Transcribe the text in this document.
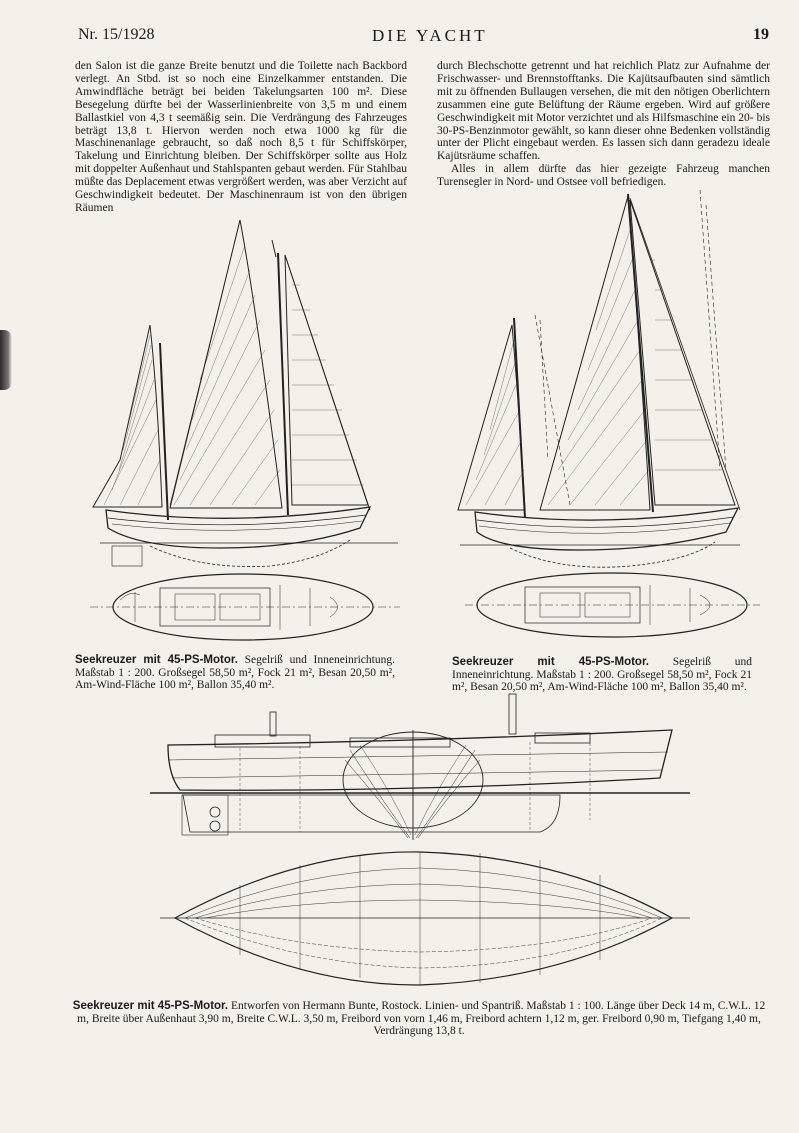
Nr. 15/1928	DIE YACHT	19

den Salon ist die ganze Breite benutzt und die Toilette nach Backbord verlegt. An Stbd. ist so noch eine Einzelkammer entstanden. Die Amwindfläche beträgt bei beiden Takelungsarten 100 m². Diese Besegelung dürfte bei der Wasserlinienbreite von 3,5 m und einem Ballastkiel von 4,3 t seemäßig sein. Die Verdrängung des Fahrzeuges beträgt 13,8 t. Hiervon werden noch etwa 1000 kg für die Maschinenanlage gebraucht, so daß noch 8,5 t für Schiffskörper, Takelung und Einrichtung bleiben. Der Schiffskörper sollte aus Holz mit doppelter Außenhaut und Stahlspanten gebaut werden. Für Stahlbau müßte das Deplacement etwas vergrößert werden, was aber Verzicht auf Geschwindigkeit bedeutet. Der Maschinenraum ist von den übrigen Räumen

durch Blechschotte getrennt und hat reichlich Platz zur Aufnahme der Frischwasser- und Brennstofftanks. Die Kajütsaufbauten sind sämtlich mit zu öffnenden Bullaugen versehen, die mit den nötigen Oberlichtern zusammen eine gute Belüftung der Räume ergeben. Wird auf größere Geschwindigkeit mit Motor verzichtet und als Hilfsmaschine ein 20- bis 30-PS-Benzinmotor gewählt, so kann dieser ohne Bedenken vollständig unter der Plicht eingebaut werden. Es lassen sich dann geradezu ideale Kajütsräume schaffen.

Alles in allem dürfte das hier gezeigte Fahrzeug manchen Turensegler in Nord- und Ostsee voll befriedigen.

Seekreuzer mit 45-PS-Motor. Segelriß und Inneneinrichtung. Maßstab 1 : 200. Großsegel 58,50 m², Fock 21 m², Besan 20,50 m², Am-Wind-Fläche 100 m², Ballon 35,40 m².
Seekreuzer mit 45-PS-Motor. Segelriß und Inneneinrichtung. Maßstab 1 : 200. Großsegel 58,50 m², Fock 21 m², Besan 20,50 m², Am-Wind-Fläche 100 m², Ballon 35,40 m².
Seekreuzer mit 45-PS-Motor. Entworfen von Hermann Bunte, Rostock. Linien- und Spantriß. Maßstab 1 : 100. Länge über Deck 14 m, C.W.L. 12 m, Breite über Außenhaut 3,90 m, Breite C.W.L. 3,50 m, Freibord von vorn 1,46 m, Freibord achtern 1,12 m, ger. Freibord 0,90 m, Tiefgang 1,40 m, Verdrängung 13,8 t.
